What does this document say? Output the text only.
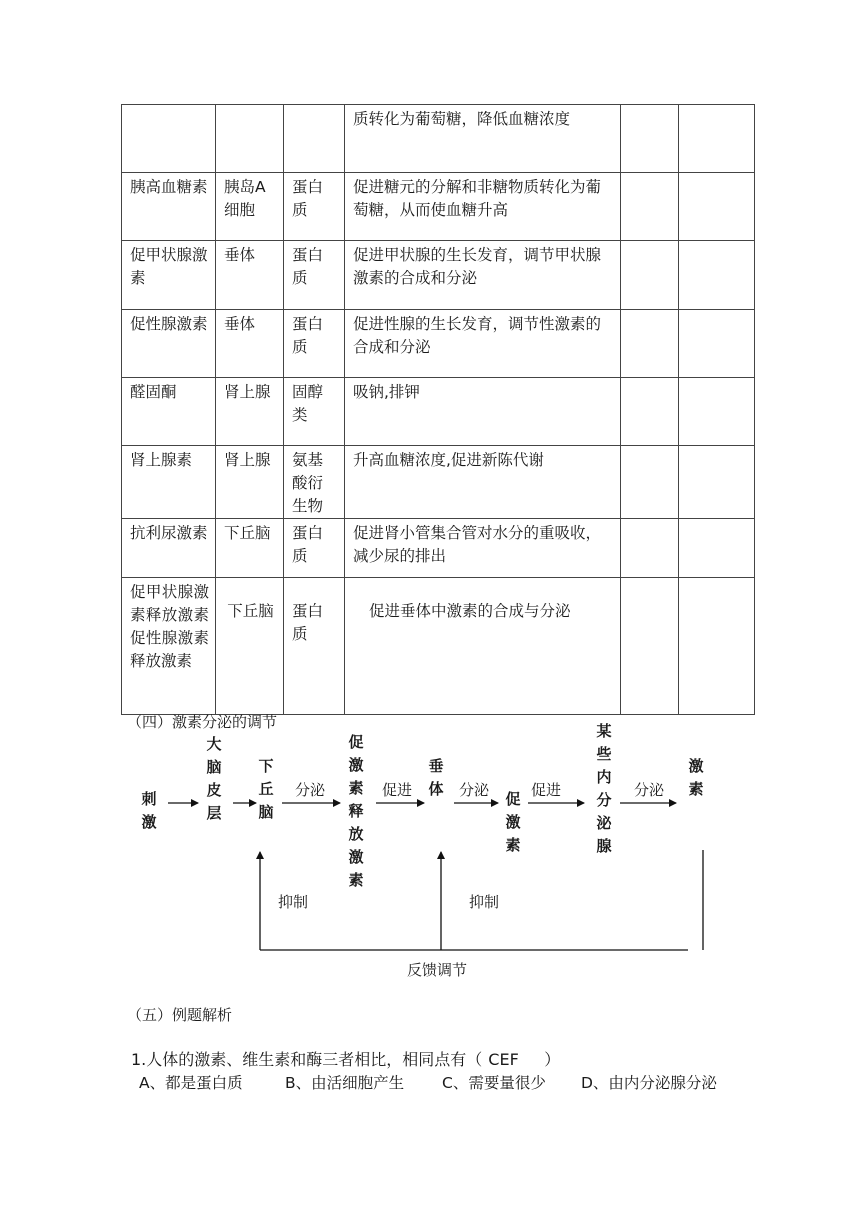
			质转化为葡萄糖，降低血糖浓度		
胰高血糖素	胰岛A细胞	蛋白质	促进糖元的分解和非糖物质转化为葡萄糖，从而使血糖升高		
促甲状腺激素	垂体	蛋白质	促进甲状腺的生长发育，调节甲状腺激素的合成和分泌		
促性腺激素	垂体	蛋白质	促进性腺的生长发育，调节性激素的合成和分泌		
醛固酮	肾上腺	固醇类	吸钠,排钾		
肾上腺素	肾上腺	氨基酸衍生物	升高血糖浓度,促进新陈代谢		
抗利尿激素	下丘脑	蛋白质	促进肾小管集合管对水分的重吸收，减少尿的排出		
促甲状腺激素释放激素促性腺激素释放激素	下丘脑	蛋白质	促进垂体中激素的合成与分泌		
（四）激素分泌的调节
刺激
大脑皮层
下丘脑
促激素释放激素
垂体
促激素
某些内分泌腺
激素
分泌	促进	分泌	促进	分泌
抑制	抑制
反馈调节
（五）例题解析
1.人体的激素、维生素和酶三者相比，相同点有（ CEF ）
A、都是蛋白质	B、由活细胞产生 C、需要量很少 D、由内分泌腺分泌
